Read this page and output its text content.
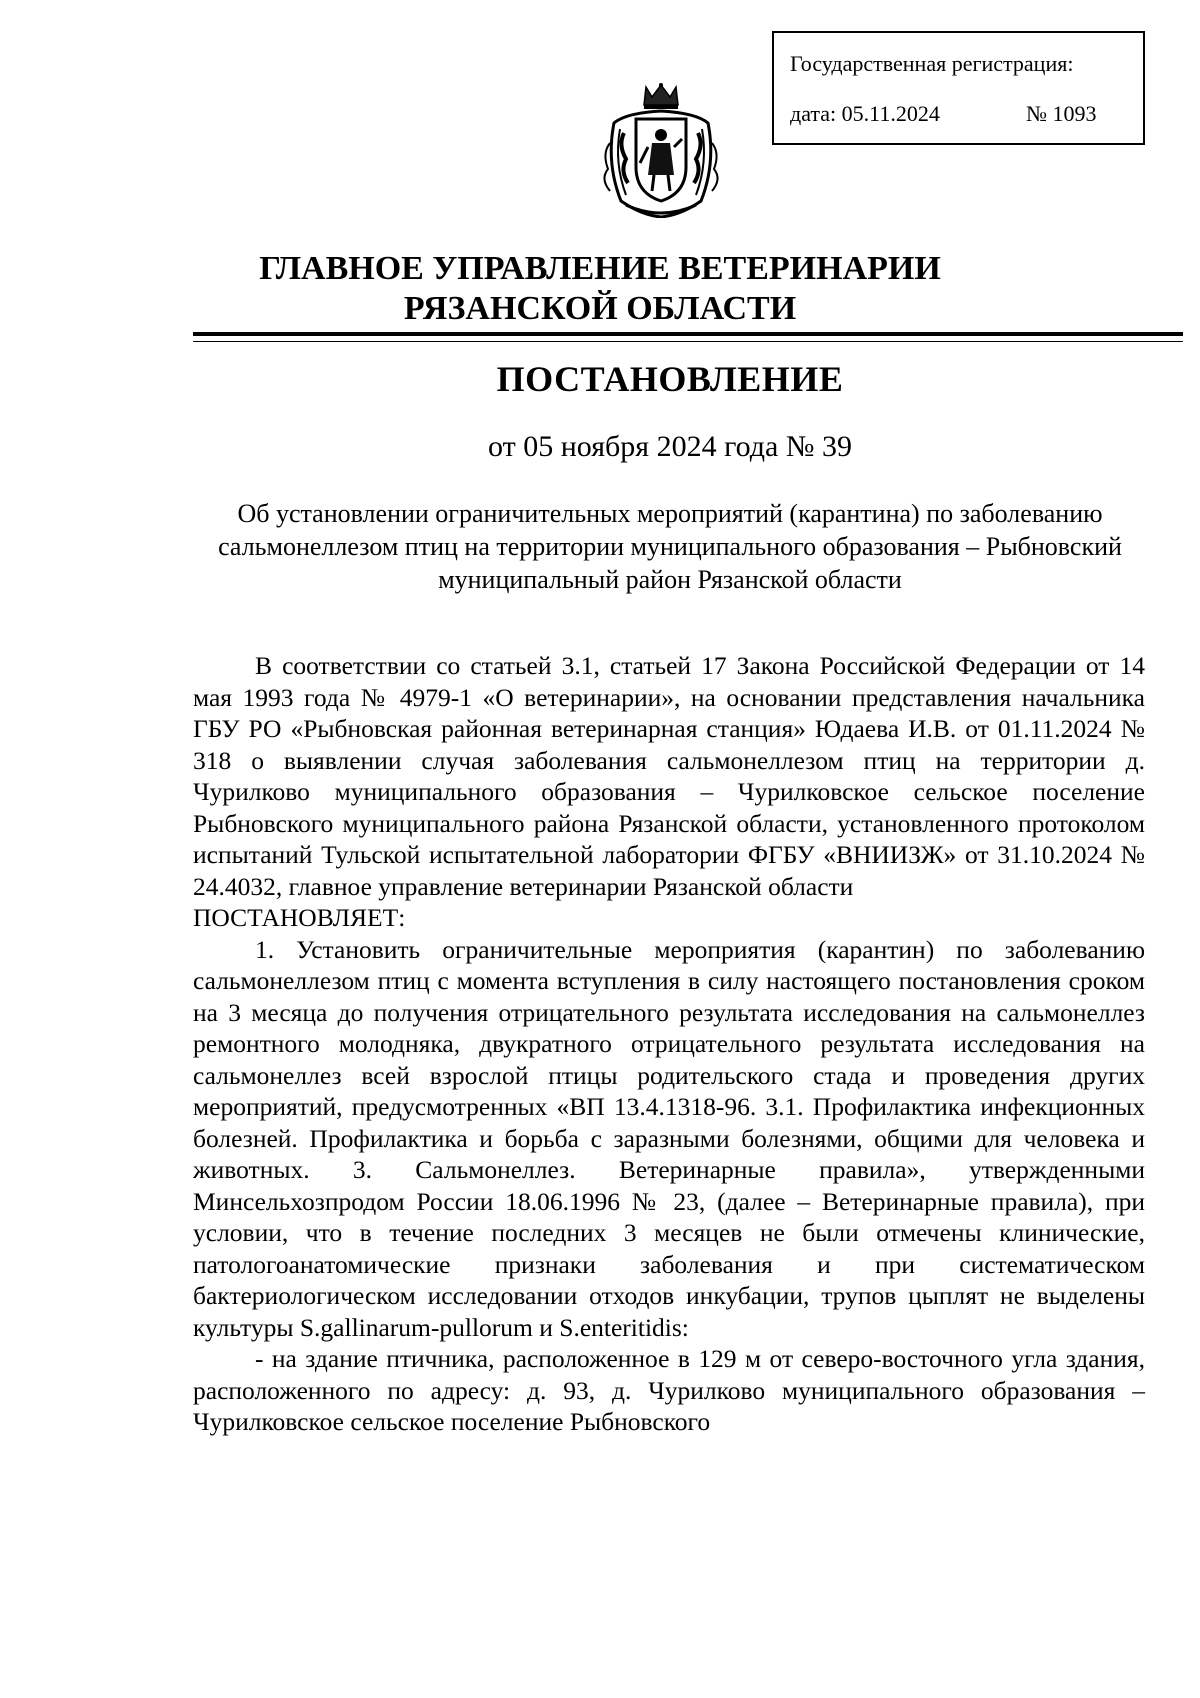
Государственная регистрация:
дата: 05.11.2024	№ 1093
ГЛАВНОЕ УПРАВЛЕНИЕ ВЕТЕРИНАРИИ
РЯЗАНСКОЙ ОБЛАСТИ
ПОСТАНОВЛЕНИЕ
от 05 ноября 2024 года № 39
Об установлении ограничительных мероприятий (карантина) по заболеванию сальмонеллезом птиц на территории муниципального образования – Рыбновский муниципальный район Рязанской области

В соответствии со статьей 3.1, статьей 17 Закона Российской Федерации от 14 мая 1993 года № 4979-1 «О ветеринарии», на основании представления начальника ГБУ РО «Рыбновская районная ветеринарная станция» Юдаева И.В. от 01.11.2024 № 318 о выявлении случая заболевания сальмонеллезом птиц на территории д. Чурилково муниципального образования – Чурилковское сельское поселение Рыбновского муниципального района Рязанской области, установленного протоколом испытаний Тульской испытательной лаборатории ФГБУ «ВНИИЗЖ» от 31.10.2024 № 24.4032, главное управление ветеринарии Рязанской области

ПОСТАНОВЛЯЕТ:

1. Установить ограничительные мероприятия (карантин) по заболеванию сальмонеллезом птиц с момента вступления в силу настоящего постановления сроком на 3 месяца до получения отрицательного результата исследования на сальмонеллез ремонтного молодняка, двукратного отрицательного результата исследования на сальмонеллез всей взрослой птицы родительского стада и проведения других мероприятий, предусмотренных «ВП 13.4.1318-96. 3.1. Профилактика инфекционных болезней. Профилактика и борьба с заразными болезнями, общими для человека и животных. 3. Сальмонеллез. Ветеринарные правила», утвержденными Минсельхозпродом России 18.06.1996 № 23, (далее – Ветеринарные правила), при условии, что в течение последних 3 месяцев не были отмечены клинические, патологоанатомические признаки заболевания и при систематическом бактериологическом исследовании отходов инкубации, трупов цыплят не выделены культуры S.gallinarum-pullorum и S.enteritidis:

- на здание птичника, расположенное в 129 м от северо-восточного угла здания, расположенного по адресу: д. 93, д. Чурилково муниципального образования – Чурилковское сельское поселение Рыбновского
